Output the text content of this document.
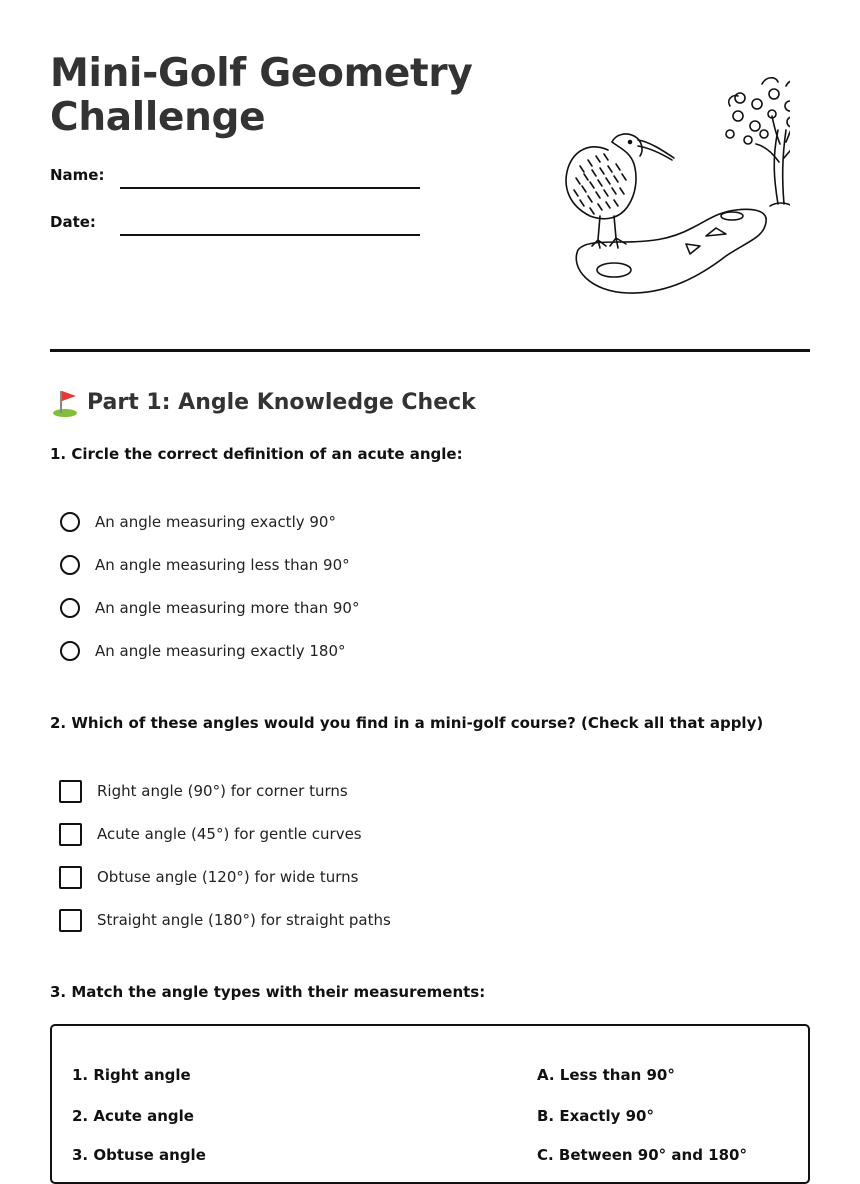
Mini-Golf Geometry
Challenge
Name:
Date:
Part 1: Angle Knowledge Check

1. Circle the correct definition of an acute angle:

An angle measuring exactly 90°
An angle measuring less than 90°
An angle measuring more than 90°
An angle measuring exactly 180°

2. Which of these angles would you find in a mini-golf course? (Check all that apply)

Right angle (90°) for corner turns
Acute angle (45°) for gentle curves
Obtuse angle (120°) for wide turns
Straight angle (180°) for straight paths

3. Match the angle types with their measurements:

1. Right angle
2. Acute angle
3. Obtuse angle
A. Less than 90°
B. Exactly 90°
C. Between 90° and 180°
